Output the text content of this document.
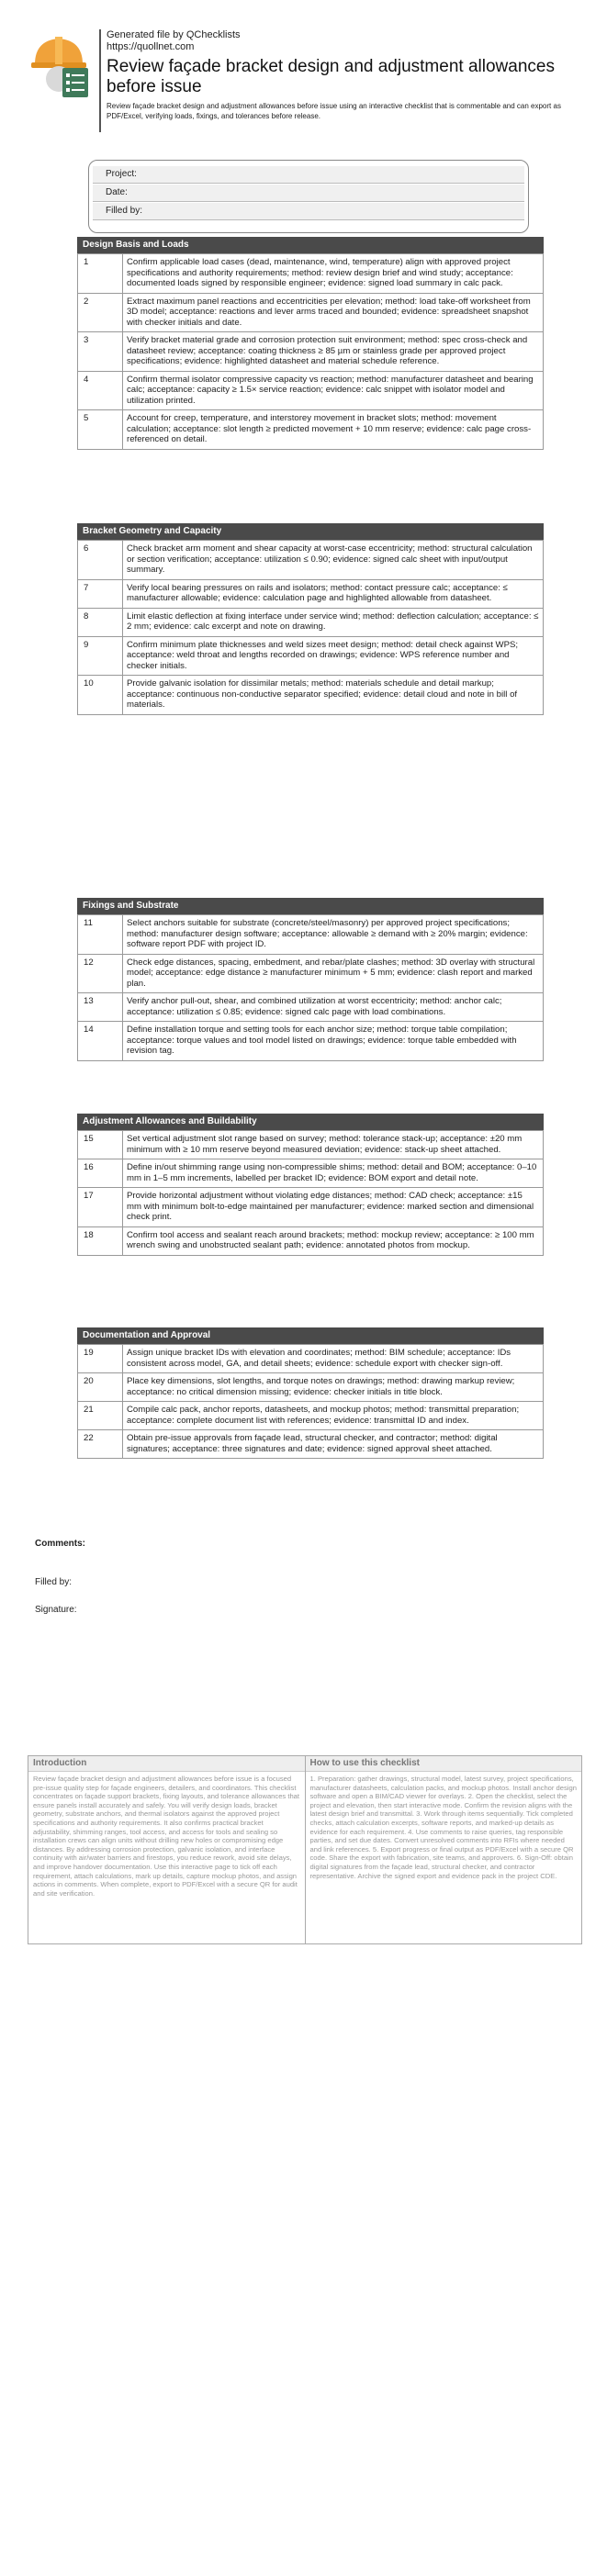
Generated file by QChecklists

https://quollnet.com

Review façade bracket design and adjustment allowances before issue

Review façade bracket design and adjustment allowances before issue using an interactive checklist that is commentable and can export as PDF/Excel, verifying loads, fixings, and tolerances before release.

Project:
Date:
Filled by:
Design Basis and Loads
1	Confirm applicable load cases (dead, maintenance, wind, temperature) align with approved project specifications and authority requirements; method: review design brief and wind study; acceptance: documented loads signed by responsible engineer; evidence: signed load summary in calc pack.
2	Extract maximum panel reactions and eccentricities per elevation; method: load take-off worksheet from 3D model; acceptance: reactions and lever arms traced and bounded; evidence: spreadsheet snapshot with checker initials and date.
3	Verify bracket material grade and corrosion protection suit environment; method: spec cross-check and datasheet review; acceptance: coating thickness ≥ 85 µm or stainless grade per approved project specifications; evidence: highlighted datasheet and material schedule reference.
4	Confirm thermal isolator compressive capacity vs reaction; method: manufacturer datasheet and bearing calc; acceptance: capacity ≥ 1.5× service reaction; evidence: calc snippet with isolator model and utilization printed.
5	Account for creep, temperature, and interstorey movement in bracket slots; method: movement calculation; acceptance: slot length ≥ predicted movement + 10 mm reserve; evidence: calc page cross-referenced on detail.
Bracket Geometry and Capacity
6	Check bracket arm moment and shear capacity at worst-case eccentricity; method: structural calculation or section verification; acceptance: utilization ≤ 0.90; evidence: signed calc sheet with input/output summary.
7	Verify local bearing pressures on rails and isolators; method: contact pressure calc; acceptance: ≤ manufacturer allowable; evidence: calculation page and highlighted allowable from datasheet.
8	Limit elastic deflection at fixing interface under service wind; method: deflection calculation; acceptance: ≤ 2 mm; evidence: calc excerpt and note on drawing.
9	Confirm minimum plate thicknesses and weld sizes meet design; method: detail check against WPS; acceptance: weld throat and lengths recorded on drawings; evidence: WPS reference number and checker initials.
10	Provide galvanic isolation for dissimilar metals; method: materials schedule and detail markup; acceptance: continuous non-conductive separator specified; evidence: detail cloud and note in bill of materials.
Fixings and Substrate
11	Select anchors suitable for substrate (concrete/steel/masonry) per approved project specifications; method: manufacturer design software; acceptance: allowable ≥ demand with ≥ 20% margin; evidence: software report PDF with project ID.
12	Check edge distances, spacing, embedment, and rebar/plate clashes; method: 3D overlay with structural model; acceptance: edge distance ≥ manufacturer minimum + 5 mm; evidence: clash report and marked plan.
13	Verify anchor pull-out, shear, and combined utilization at worst eccentricity; method: anchor calc; acceptance: utilization ≤ 0.85; evidence: signed calc page with load combinations.
14	Define installation torque and setting tools for each anchor size; method: torque table compilation; acceptance: torque values and tool model listed on drawings; evidence: torque table embedded with revision tag.
Adjustment Allowances and Buildability
15	Set vertical adjustment slot range based on survey; method: tolerance stack-up; acceptance: ±20 mm minimum with ≥ 10 mm reserve beyond measured deviation; evidence: stack-up sheet attached.
16	Define in/out shimming range using non-compressible shims; method: detail and BOM; acceptance: 0–10 mm in 1–5 mm increments, labelled per bracket ID; evidence: BOM export and detail note.
17	Provide horizontal adjustment without violating edge distances; method: CAD check; acceptance: ±15 mm with minimum bolt-to-edge maintained per manufacturer; evidence: marked section and dimensional check print.
18	Confirm tool access and sealant reach around brackets; method: mockup review; acceptance: ≥ 100 mm wrench swing and unobstructed sealant path; evidence: annotated photos from mockup.
Documentation and Approval
19	Assign unique bracket IDs with elevation and coordinates; method: BIM schedule; acceptance: IDs consistent across model, GA, and detail sheets; evidence: schedule export with checker sign-off.
20	Place key dimensions, slot lengths, and torque notes on drawings; method: drawing markup review; acceptance: no critical dimension missing; evidence: checker initials in title block.
21	Compile calc pack, anchor reports, datasheets, and mockup photos; method: transmittal preparation; acceptance: complete document list with references; evidence: transmittal ID and index.
22	Obtain pre-issue approvals from façade lead, structural checker, and contractor; method: digital signatures; acceptance: three signatures and date; evidence: signed approval sheet attached.
Comments:
Filled by:
Signature:
Introduction

Review façade bracket design and adjustment allowances before issue is a focused pre-issue quality step for façade engineers, detailers, and coordinators. This checklist concentrates on façade support brackets, fixing layouts, and tolerance allowances that ensure panels install accurately and safely. You will verify design loads, bracket geometry, substrate anchors, and thermal isolators against the approved project specifications and authority requirements. It also confirms practical bracket adjustability, shimming ranges, tool access, and access for tools and sealing so installation crews can align units without drilling new holes or compromising edge distances. By addressing corrosion protection, galvanic isolation, and interface continuity with air/water barriers and firestops, you reduce rework, avoid site delays, and improve handover documentation. Use this interactive page to tick off each requirement, attach calculations, mark up details, capture mockup photos, and assign actions in comments. When complete, export to PDF/Excel with a secure QR for audit and site verification.

How to use this checklist

1. Preparation: gather drawings, structural model, latest survey, project specifications, manufacturer datasheets, calculation packs, and mockup photos. Install anchor design software and open a BIM/CAD viewer for overlays. 2. Open the checklist, select the project and elevation, then start interactive mode. Confirm the revision aligns with the latest design brief and transmittal. 3. Work through items sequentially. Tick completed checks, attach calculation excerpts, software reports, and marked-up details as evidence for each requirement. 4. Use comments to raise queries, tag responsible parties, and set due dates. Convert unresolved comments into RFIs where needed and link references. 5. Export progress or final output as PDF/Excel with a secure QR code. Share the export with fabrication, site teams, and approvers. 6. Sign-Off: obtain digital signatures from the façade lead, structural checker, and contractor representative. Archive the signed export and evidence pack in the project CDE.
